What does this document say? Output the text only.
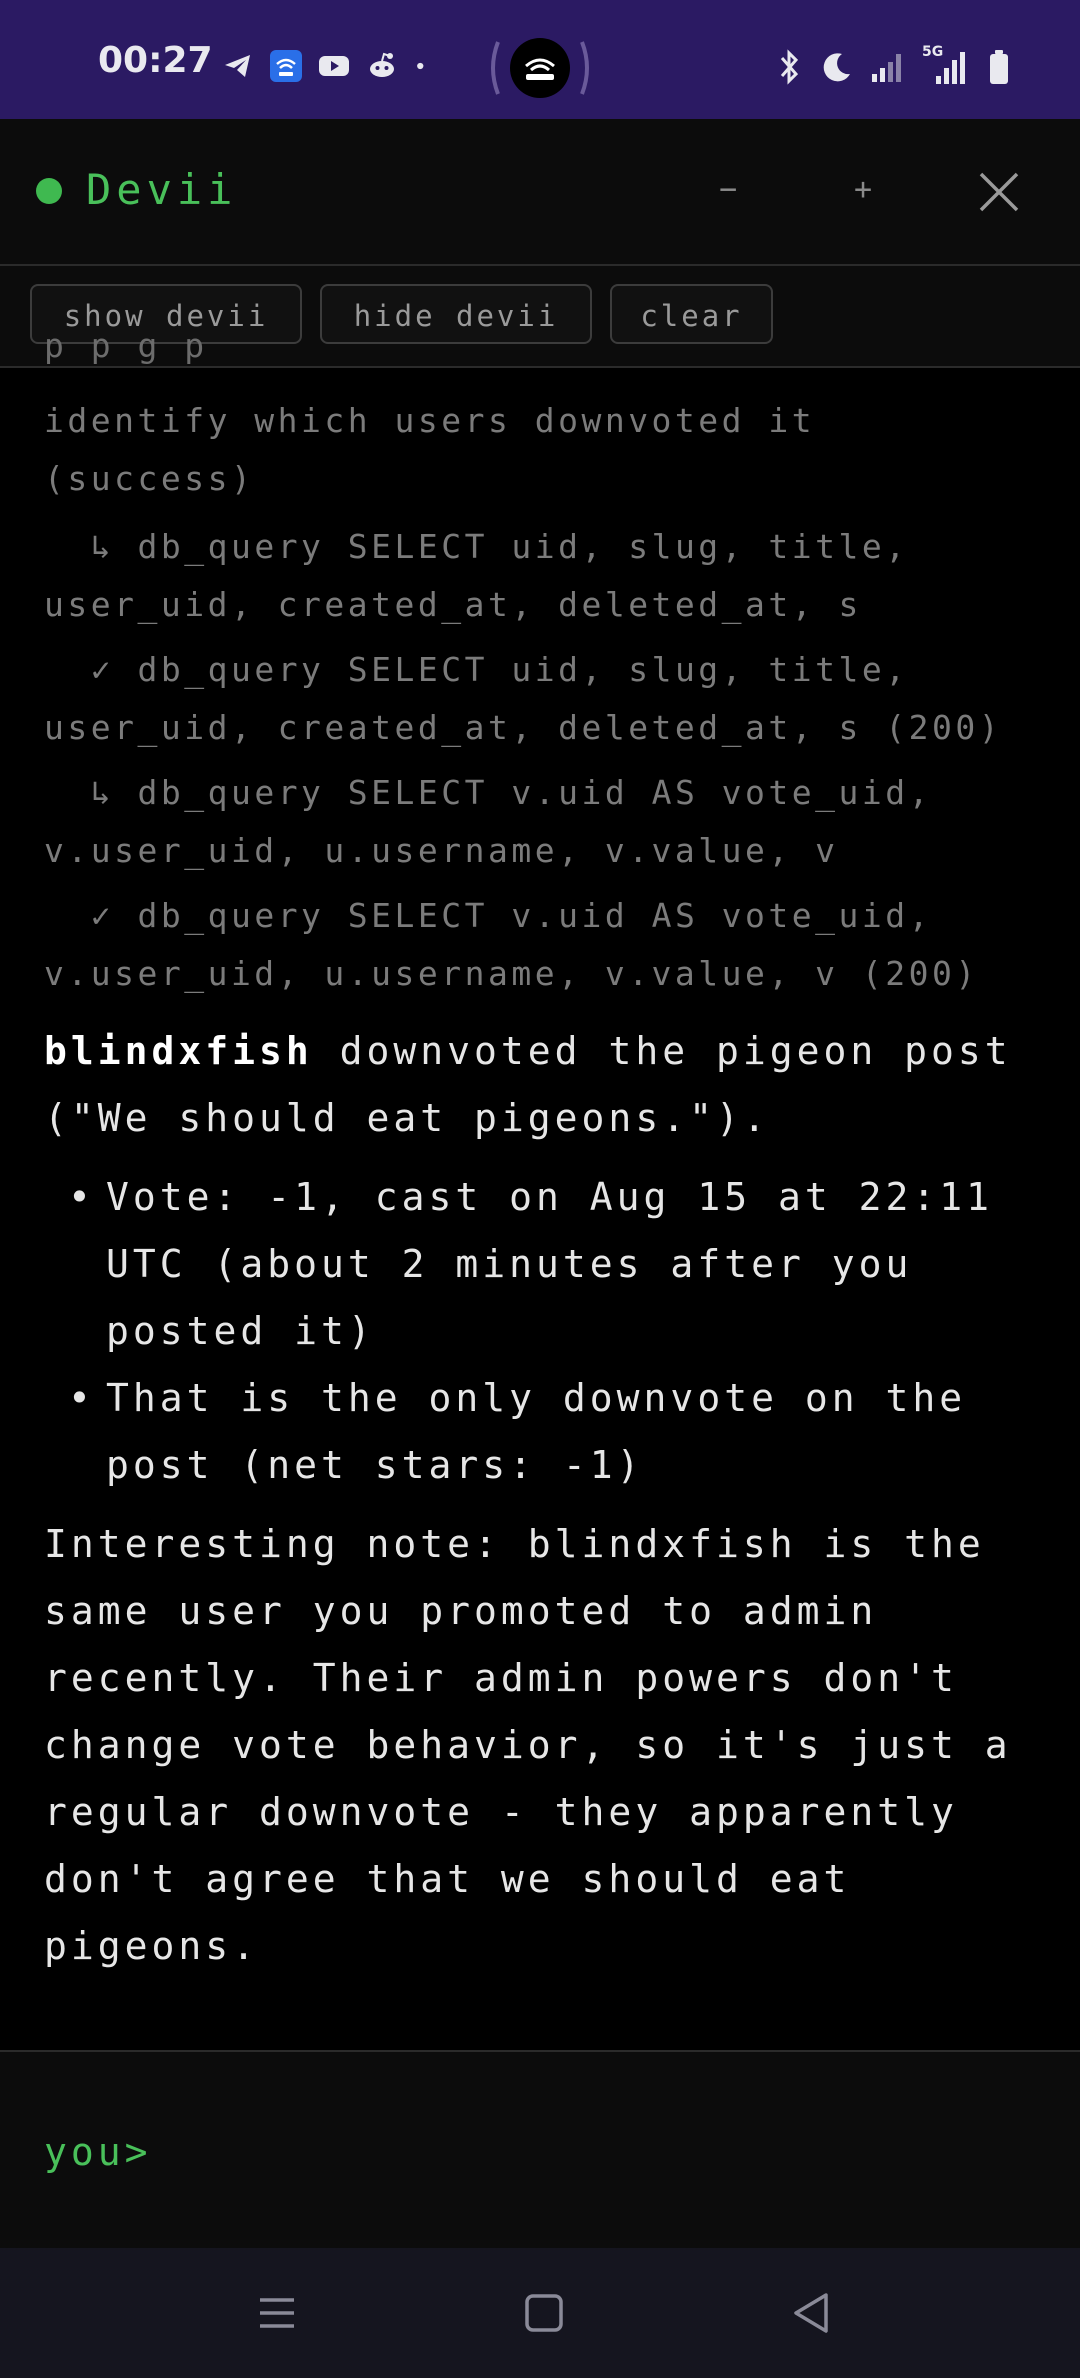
00:27	5G
Devii	−	+
show devii	hide devii	clear
p p g p
identify which users downvoted it
(success)
↳ db_query SELECT uid, slug, title,
user_uid, created_at, deleted_at, s
✓ db_query SELECT uid, slug, title,
user_uid, created_at, deleted_at, s (200)
↳ db_query SELECT v.uid AS vote_uid,
v.user_uid, u.username, v.value, v
✓ db_query SELECT v.uid AS vote_uid,
v.user_uid, u.username, v.value, v (200)

blindxfish downvoted the pigeon post ("We should eat pigeons.").

• Vote: -1, cast on Aug 15 at 22:11 UTC (about 2 minutes after you posted it)
• That is the only downvote on the post (net stars: -1)

Interesting note: blindxfish is the same user you promoted to admin recently. Their admin powers don't change vote behavior, so it's just a regular downvote - they apparently don't agree that we should eat pigeons.

you>
